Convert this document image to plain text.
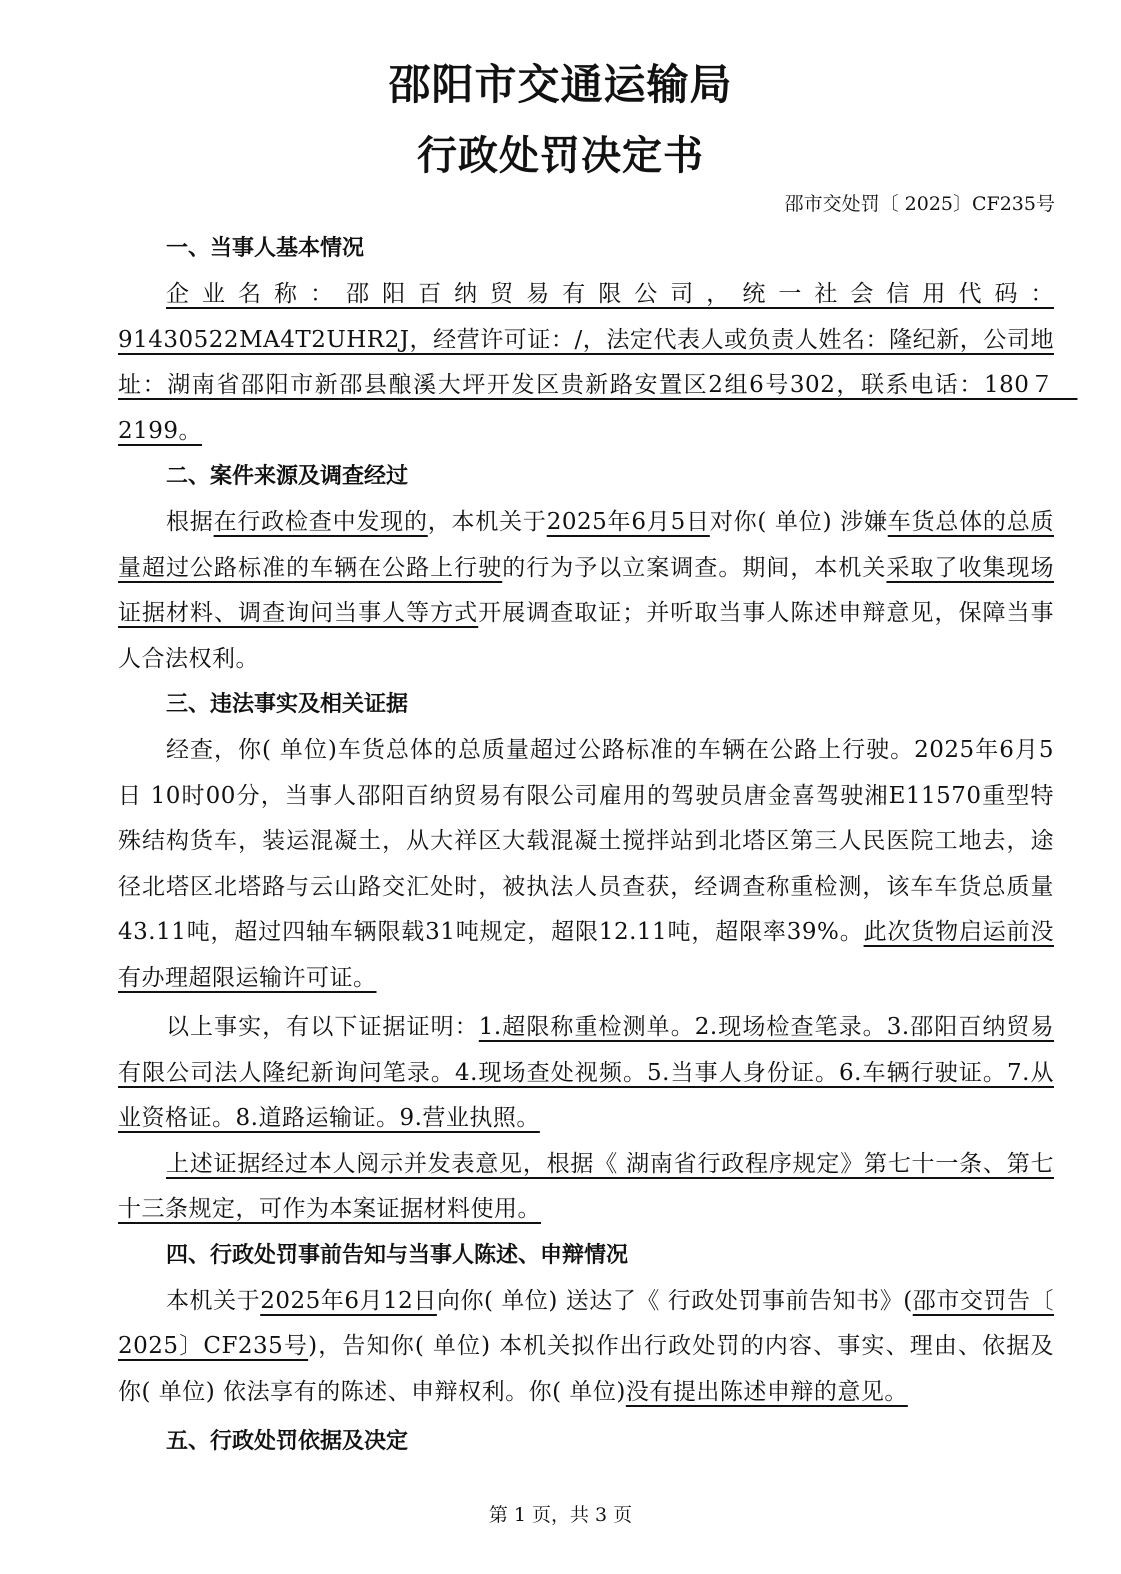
邵阳市交通运输局
行政处罚决定书
邵市交处罚〔 2025〕CF235号
一、当事人基本情况

企业名称：邵阳百纳贸易有限公司，统一社会信用代码：91430522MA4T2UHR2J，经营许可证：/，法定代表人或负责人姓名：隆纪新，公司地址：湖南省邵阳市新邵县酿溪大坪开发区贵新路安置区2组6号302，联系电话：180７　2199。

二、案件来源及调查经过

根据在行政检查中发现的，本机关于2025年6月5日对你( 单位) 涉嫌车货总体的总质量超过公路标准的车辆在公路上行驶的行为予以立案调查。期间，本机关采取了收集现场证据材料、调查询问当事人等方式开展调查取证；并听取当事人陈述申辩意见，保障当事人合法权利。

三、违法事实及相关证据

经查，你( 单位)车货总体的总质量超过公路标准的车辆在公路上行驶。2025年6月5日 10时00分，当事人邵阳百纳贸易有限公司雇用的驾驶员唐金喜驾驶湘E11570重型特殊结构货车，装运混凝土，从大祥区大载混凝土搅拌站到北塔区第三人民医院工地去，途径北塔区北塔路与云山路交汇处时，被执法人员查获，经调查称重检测，该车车货总质量43.11吨，超过四轴车辆限载31吨规定，超限12.11吨，超限率39%。此次货物启运前没有办理超限运输许可证。

以上事实，有以下证据证明：1.超限称重检测单。2.现场检查笔录。3.邵阳百纳贸易有限公司法人隆纪新询问笔录。4.现场查处视频。5.当事人身份证。6.车辆行驶证。7.从业资格证。8.道路运输证。9.营业执照。

上述证据经过本人阅示并发表意见，根据《 湖南省行政程序规定》第七十一条、第七十三条规定，可作为本案证据材料使用。

四、行政处罚事前告知与当事人陈述、申辩情况

本机关于2025年6月12日向你( 单位) 送达了《 行政处罚事前告知书》(邵市交罚告〔 2025〕CF235号)，告知你( 单位) 本机关拟作出行政处罚的内容、事实、理由、依据及你( 单位) 依法享有的陈述、申辩权利。你( 单位)没有提出陈述申辩的意见。

五、行政处罚依据及决定
第 1 页，共 3 页
